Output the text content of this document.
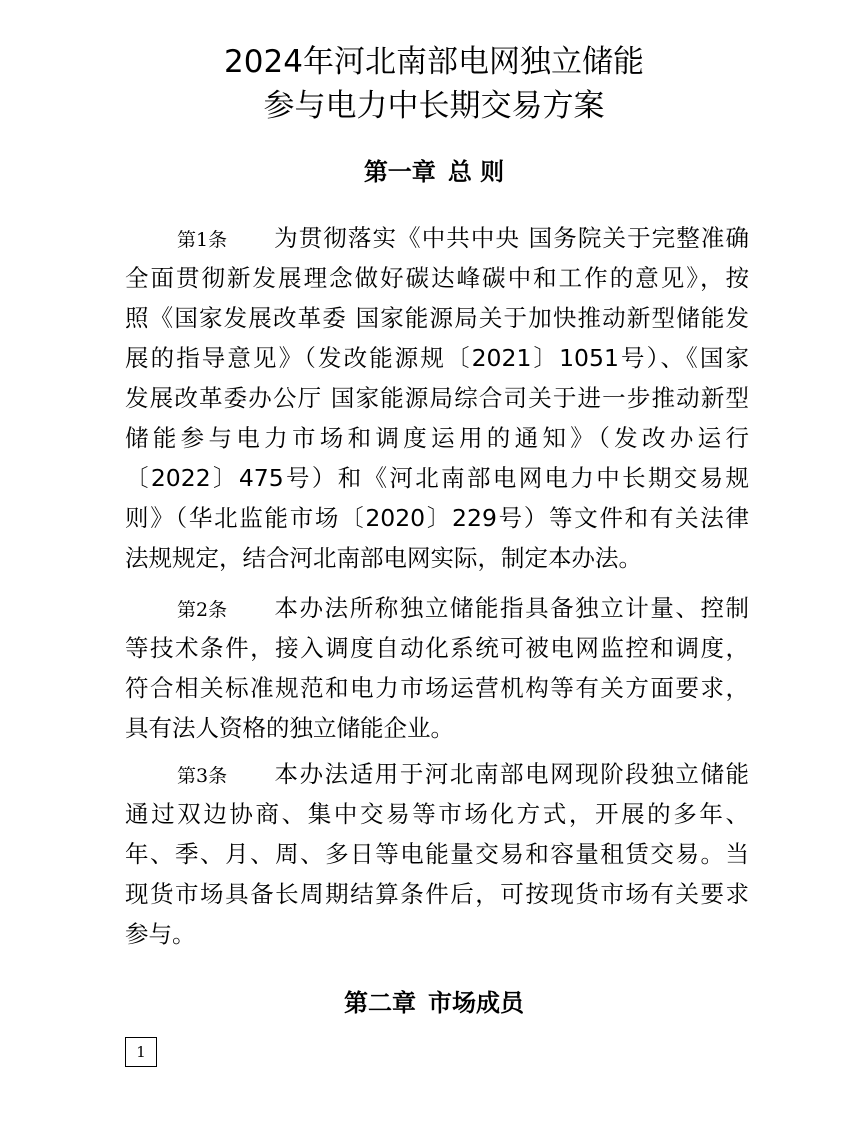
2024年河北南部电网独立储能
参与电力中长期交易方案
第一章 总 则
第1条 为贯彻落实《中共中央 国务院关于完整准确
全面贯彻新发展理念做好碳达峰碳中和工作的意见》，按
照《国家发展改革委 国家能源局关于加快推动新型储能发
展的指导意见》（发改能源规〔2021〕1051号）、《国家
发展改革委办公厅 国家能源局综合司关于进一步推动新型
储能参与电力市场和调度运用的通知》（发改办运行
〔2022〕475号）和《河北南部电网电力中长期交易规
则》（华北监能市场〔2020〕229号）等文件和有关法律
法规规定，结合河北南部电网实际，制定本办法。
第2条 本办法所称独立储能指具备独立计量、控制
等技术条件，接入调度自动化系统可被电网监控和调度，
符合相关标准规范和电力市场运营机构等有关方面要求，
具有法人资格的独立储能企业。
第3条 本办法适用于河北南部电网现阶段独立储能
通过双边协商、集中交易等市场化方式，开展的多年、
年、季、月、周、多日等电能量交易和容量租赁交易。当
现货市场具备长周期结算条件后，可按现货市场有关要求
参与。
第二章 市场成员
1
